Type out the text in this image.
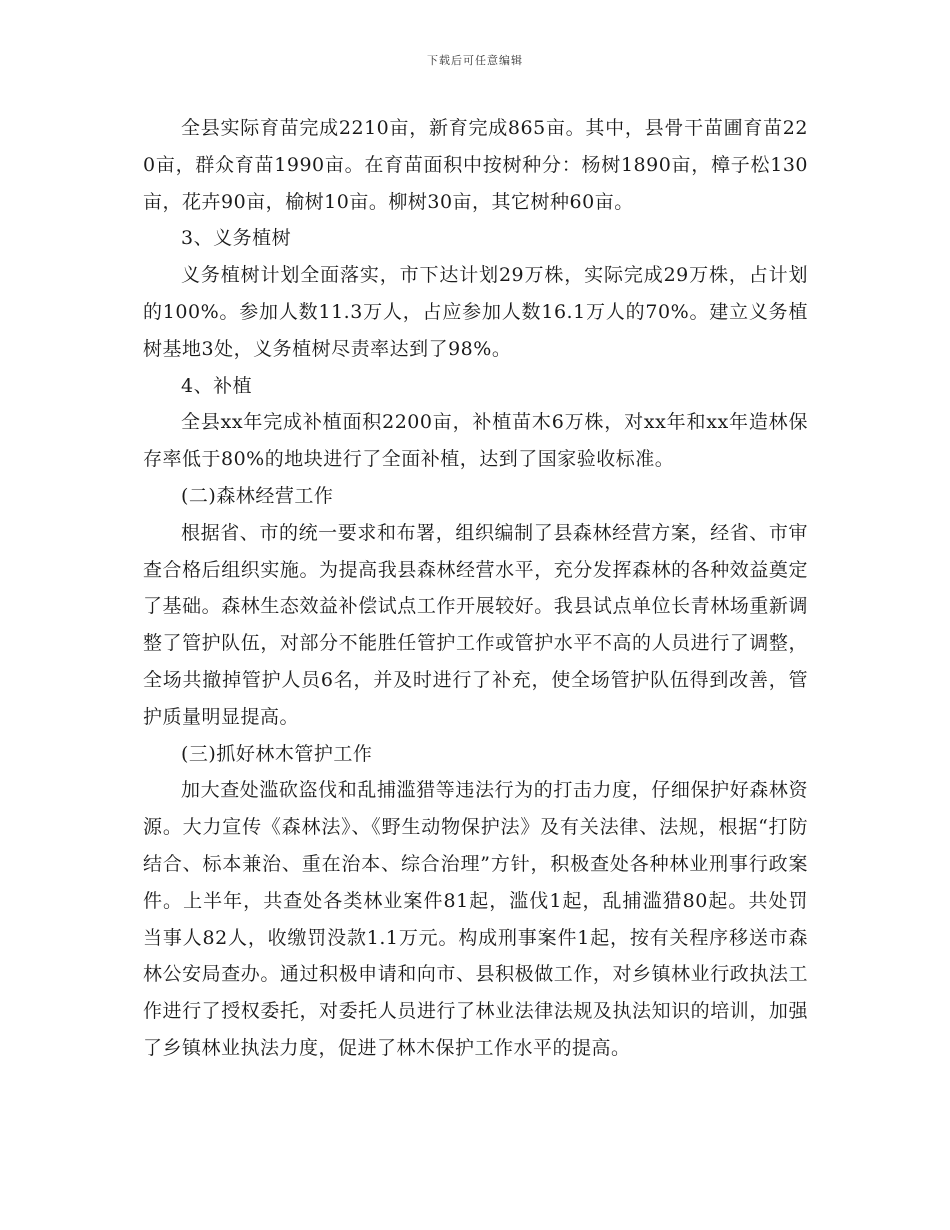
下载后可任意编辑

全县实际育苗完成2210亩，新育完成865亩。其中，县骨干苗圃育苗220亩，群众育苗1990亩。在育苗面积中按树种分：杨树1890亩，樟子松130亩，花卉90亩，榆树10亩。柳树30亩，其它树种60亩。

3、义务植树

义务植树计划全面落实，市下达计划29万株，实际完成29万株，占计划的100%。参加人数11.3万人，占应参加人数16.1万人的70%。建立义务植树基地3处，义务植树尽责率达到了98%。

4、补植

全县xx年完成补植面积2200亩，补植苗木6万株，对xx年和xx年造林保存率低于80%的地块进行了全面补植，达到了国家验收标准。

(二)森林经营工作

根据省、市的统一要求和布署，组织编制了县森林经营方案，经省、市审查合格后组织实施。为提高我县森林经营水平，充分发挥森林的各种效益奠定了基础。森林生态效益补偿试点工作开展较好。我县试点单位长青林场重新调整了管护队伍，对部分不能胜任管护工作或管护水平不高的人员进行了调整，全场共撤掉管护人员6名，并及时进行了补充，使全场管护队伍得到改善，管护质量明显提高。

(三)抓好林木管护工作

加大查处滥砍盗伐和乱捕滥猎等违法行为的打击力度，仔细保护好森林资源。大力宣传《森林法》、《野生动物保护法》及有关法律、法规，根据“打防结合、标本兼治、重在治本、综合治理”方针，积极查处各种林业刑事行政案件。上半年，共查处各类林业案件81起，滥伐1起，乱捕滥猎80起。共处罚当事人82人，收缴罚没款1.1万元。构成刑事案件1起，按有关程序移送市森林公安局查办。通过积极申请和向市、县积极做工作，对乡镇林业行政执法工作进行了授权委托，对委托人员进行了林业法律法规及执法知识的培训，加强了乡镇林业执法力度，促进了林木保护工作水平的提高。
